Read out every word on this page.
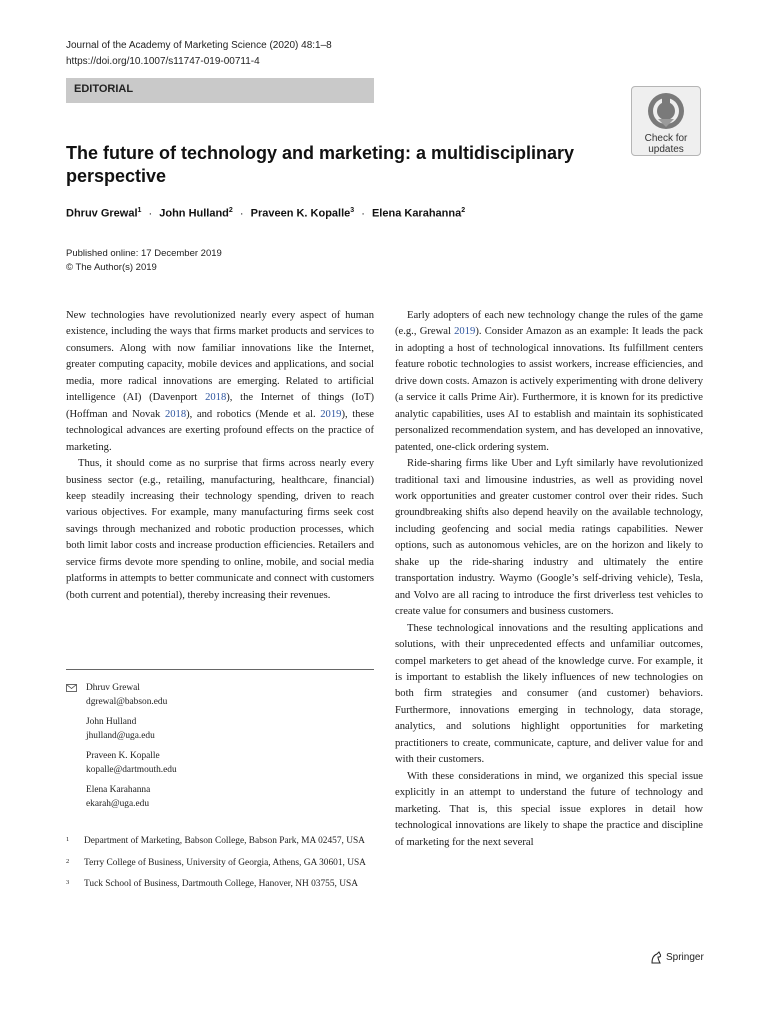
Journal of the Academy of Marketing Science (2020) 48:1–8
https://doi.org/10.1007/s11747-019-00711-4
EDITORIAL
Check for
updates
The future of technology and marketing: a multidisciplinary perspective
Dhruv Grewal$^1$ · John Hulland$^2$ · Praveen K. Kopalle$^3$ · Elena Karahanna$^2$
Published online: 17 December 2019
© The Author(s) 2019

New technologies have revolutionized nearly every aspect of human existence, including the ways that firms market products and services to consumers. Along with now familiar innovations like the Internet, greater computing capacity, mobile devices and applications, and social media, more radical innovations are emerging. Related to artificial intelligence (AI) (Davenport 2018), the Internet of things (IoT) (Hoffman and Novak 2018), and robotics (Mende et al. 2019), these technological advances are exerting profound effects on the practice of marketing.

Thus, it should come as no surprise that firms across nearly every business sector (e.g., retailing, manufacturing, healthcare, financial) keep steadily increasing their technology spending, driven to reach various objectives. For example, many manufacturing firms seek cost savings through mechanized and robotic production processes, which both limit labor costs and increase production efficiencies. Retailers and service firms devote more spending to online, mobile, and social media platforms in attempts to better communicate and connect with customers (both current and potential), thereby increasing their revenues.

Early adopters of each new technology change the rules of the game (e.g., Grewal 2019). Consider Amazon as an example: It leads the pack in adopting a host of technological innovations. Its fulfillment centers feature robotic technologies to assist workers, increase efficiencies, and drive down costs. Amazon is actively experimenting with drone delivery (a service it calls Prime Air). Furthermore, it is known for its predictive analytic capabilities, uses AI to establish and maintain its sophisticated personalized recommendation system, and has developed an innovative, patented, one-click ordering system.

Ride-sharing firms like Uber and Lyft similarly have revolutionized traditional taxi and limousine industries, as well as providing novel work opportunities and greater customer control over their rides. Such groundbreaking shifts also depend heavily on the available technology, including geofencing and social media ratings capabilities. Newer options, such as autonomous vehicles, are on the horizon and likely to shake up the ride-sharing industry and ultimately the entire transportation industry. Waymo (Google’s self-driving vehicle), Tesla, and Volvo are all racing to introduce the first driverless test vehicles to create value for consumers and business customers.

These technological innovations and the resulting applications and solutions, with their unprecedented effects and unfamiliar outcomes, compel marketers to get ahead of the knowledge curve. For example, it is important to establish the likely influences of new technologies on both firm strategies and consumer (and customer) behaviors. Furthermore, innovations emerging in technology, data storage, analytics, and solutions highlight opportunities for marketing practitioners to create, communicate, capture, and deliver value for and with their customers.

With these considerations in mind, we organized this special issue explicitly in an attempt to understand the future of technology and marketing. That is, this special issue explores in detail how technological innovations are likely to shape the practice and discipline of marketing for the next several

Dhruv Grewal
dgrewal@babson.edu
John Hulland
jhulland@uga.edu
Praveen K. Kopalle
kopalle@dartmouth.edu
Elena Karahanna
ekarah@uga.edu
1 Department of Marketing, Babson College, Babson Park, MA 02457, USA
2 Terry College of Business, University of Georgia, Athens, GA 30601, USA
3 Tuck School of Business, Dartmouth College, Hanover, NH 03755, USA
Springer
